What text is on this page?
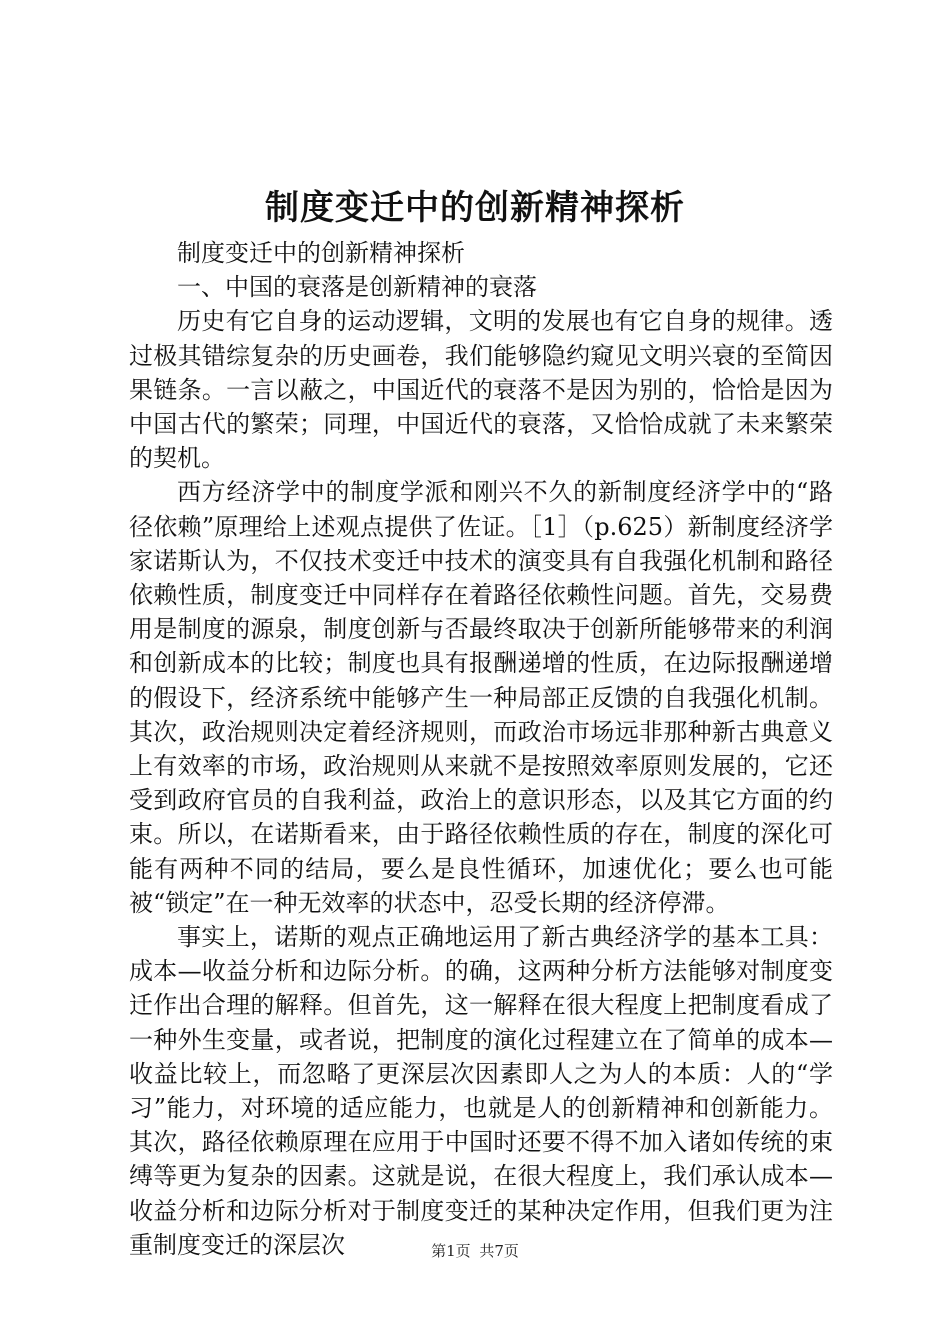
制度变迁中的创新精神探析

制度变迁中的创新精神探析

一、中国的衰落是创新精神的衰落

历史有它自身的运动逻辑，文明的发展也有它自身的规律。透过极其错综复杂的历史画卷，我们能够隐约窥见文明兴衰的至简因果链条。一言以蔽之，中国近代的衰落不是因为别的，恰恰是因为中国古代的繁荣；同理，中国近代的衰落，又恰恰成就了未来繁荣的契机。

西方经济学中的制度学派和刚兴不久的新制度经济学中的“路径依赖”原理给上述观点提供了佐证。［1］（p.625）新制度经济学家诺斯认为，不仅技术变迁中技术的演变具有自我强化机制和路径依赖性质，制度变迁中同样存在着路径依赖性问题。首先，交易费用是制度的源泉，制度创新与否最终取决于创新所能够带来的利润和创新成本的比较；制度也具有报酬递增的性质，在边际报酬递增的假设下，经济系统中能够产生一种局部正反馈的自我强化机制。其次，政治规则决定着经济规则，而政治市场远非那种新古典意义上有效率的市场，政治规则从来就不是按照效率原则发展的，它还受到政府官员的自我利益，政治上的意识形态，以及其它方面的约束。所以，在诺斯看来，由于路径依赖性质的存在，制度的深化可能有两种不同的结局，要么是良性循环，加速优化；要么也可能被“锁定”在一种无效率的状态中，忍受长期的经济停滞。

事实上，诺斯的观点正确地运用了新古典经济学的基本工具：成本—收益分析和边际分析。的确，这两种分析方法能够对制度变迁作出合理的解释。但首先，这一解释在很大程度上把制度看成了一种外生变量，或者说，把制度的演化过程建立在了简单的成本—收益比较上，而忽略了更深层次因素即人之为人的本质：人的“学习”能力，对环境的适应能力，也就是人的创新精神和创新能力。其次，路径依赖原理在应用于中国时还要不得不加入诸如传统的束缚等更为复杂的因素。这就是说，在很大程度上，我们承认成本—收益分析和边际分析对于制度变迁的某种决定作用，但我们更为注重制度变迁的深层次	第1页 共7页
